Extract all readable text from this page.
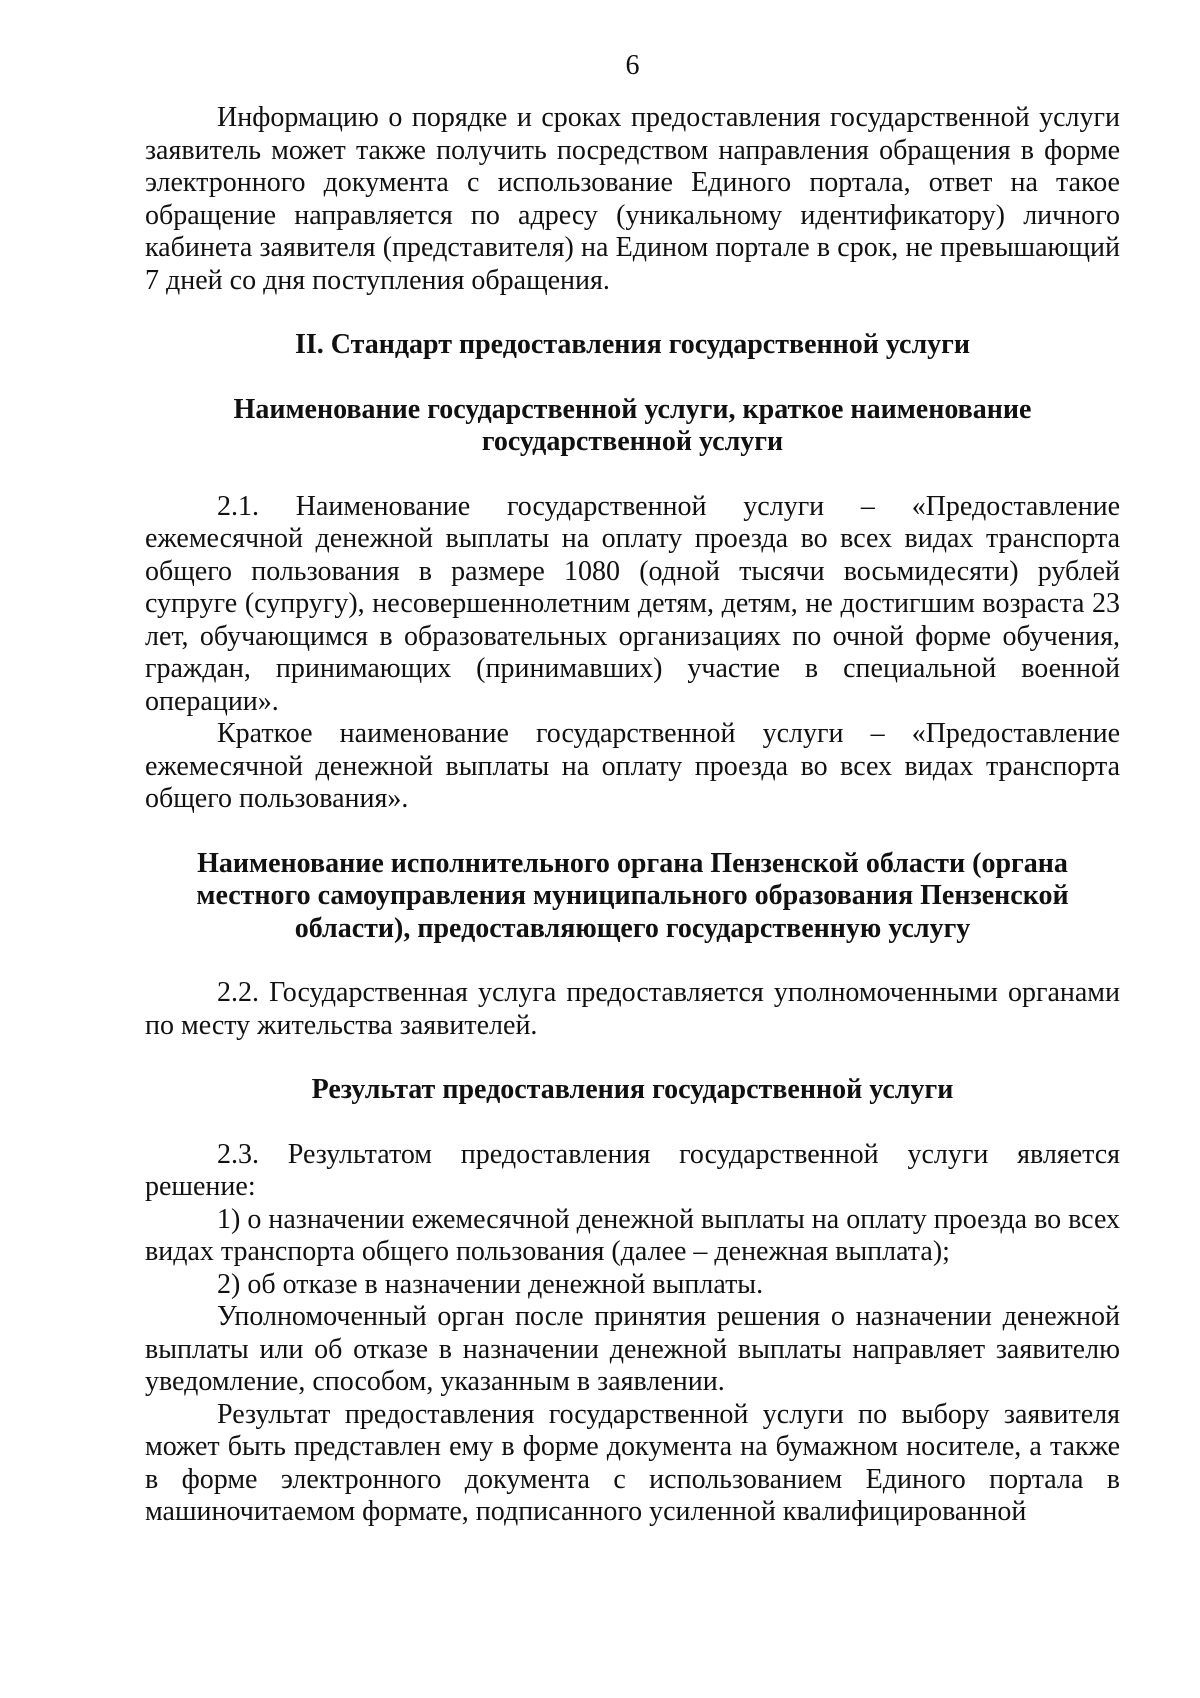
6

Информацию о порядке и сроках предоставления государственной услуги заявитель может также получить посредством направления обращения в форме электронного документа с использование Единого портала, ответ на такое обращение направляется по адресу (уникальному идентификатору) личного кабинета заявителя (представителя) на Едином портале в срок, не превышающий 7 дней со дня поступления обращения.

II. Стандарт предоставления государственной услуги

Наименование государственной услуги, краткое наименование государственной услуги

2.1. Наименование государственной услуги – «Предоставление ежемесячной денежной выплаты на оплату проезда во всех видах транспорта общего пользования в размере 1080 (одной тысячи восьмидесяти) рублей супруге (супругу), несовершеннолетним детям, детям, не достигшим возраста 23 лет, обучающимся в образовательных организациях по очной форме обучения, граждан, принимающих (принимавших) участие в специальной военной операции».

Краткое наименование государственной услуги – «Предоставление ежемесячной денежной выплаты на оплату проезда во всех видах транспорта общего пользования».

Наименование исполнительного органа Пензенской области (органа местного самоуправления муниципального образования Пензенской области), предоставляющего государственную услугу

2.2. Государственная услуга предоставляется уполномоченными органами по месту жительства заявителей.

Результат предоставления государственной услуги

2.3. Результатом предоставления государственной услуги является решение:

1) о назначении ежемесячной денежной выплаты на оплату проезда во всех видах транспорта общего пользования (далее – денежная выплата);

2) об отказе в назначении денежной выплаты.

Уполномоченный орган после принятия решения о назначении денежной выплаты или об отказе в назначении денежной выплаты направляет заявителю уведомление, способом, указанным в заявлении.

Результат предоставления государственной услуги по выбору заявителя может быть представлен ему в форме документа на бумажном носителе, а также в форме электронного документа с использованием Единого портала в машиночитаемом формате, подписанного усиленной квалифицированной
